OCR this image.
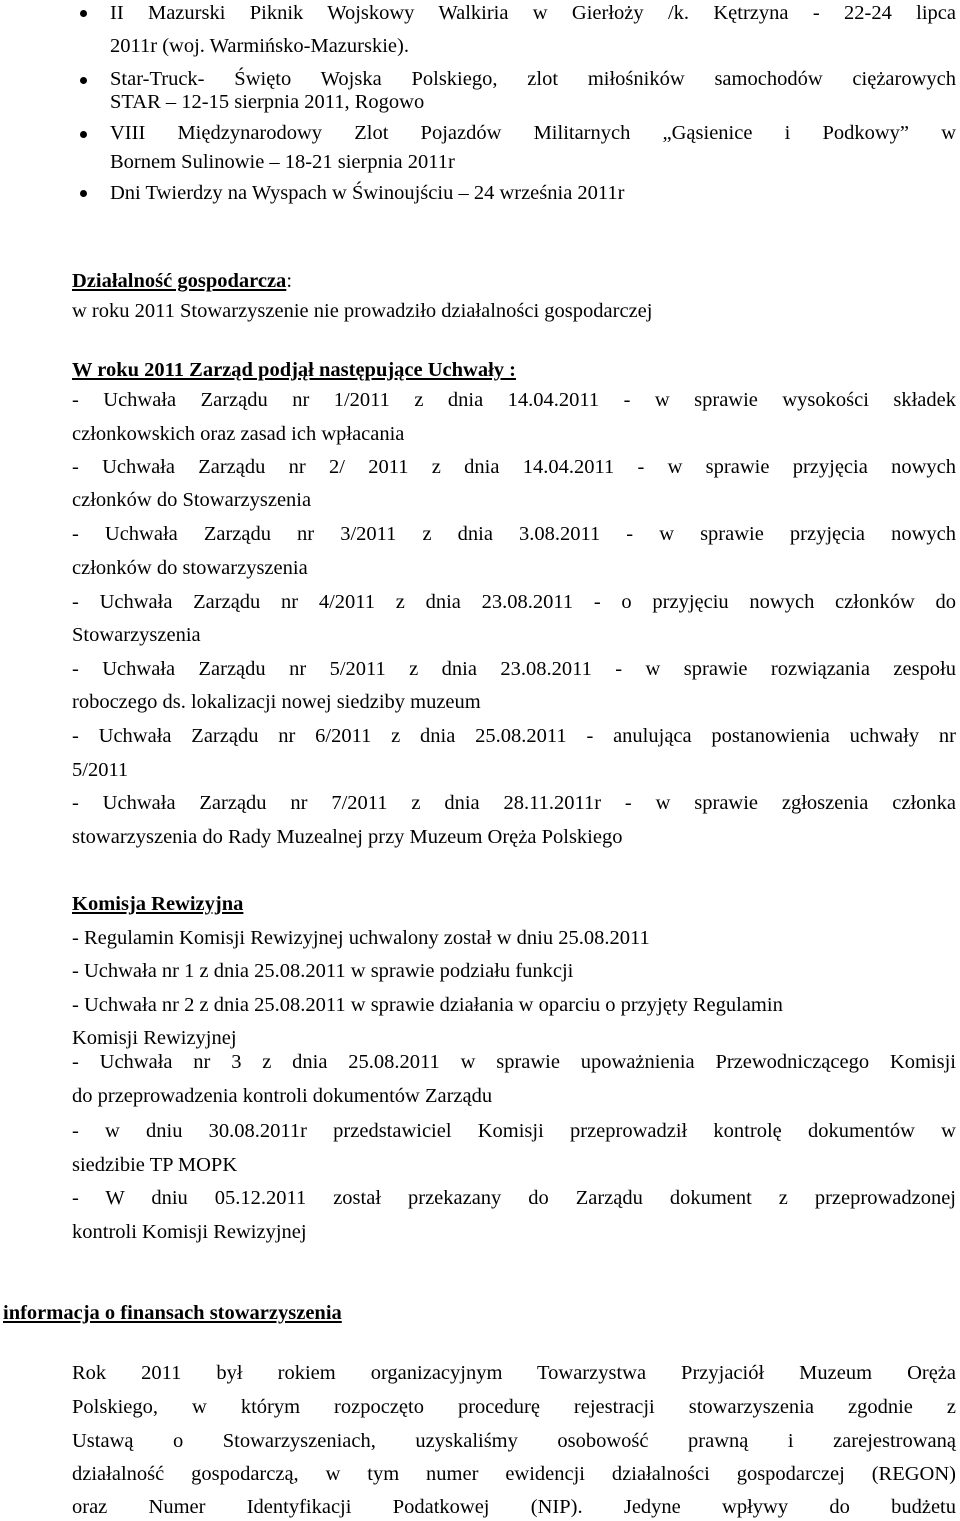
II Mazurski Piknik Wojskowy Walkiria w Gierłoży /k. Kętrzyna - 22-24 lipca
2011r (woj. Warmińsko-Mazurskie).
Star-Truck- Święto Wojska Polskiego, zlot miłośników samochodów ciężarowych
STAR – 12-15 sierpnia 2011, Rogowo
VIII Międzynarodowy Zlot Pojazdów Militarnych „Gąsienice i Podkowy” w
Bornem Sulinowie – 18-21 sierpnia 2011r
Dni Twierdzy na Wyspach w Świnoujściu – 24 września 2011r
Działalność gospodarcza:
w roku 2011 Stowarzyszenie nie prowadziło działalności gospodarczej
W roku 2011 Zarząd podjął następujące Uchwały :
- Uchwała Zarządu nr 1/2011 z dnia 14.04.2011 - w sprawie wysokości składek
członkowskich oraz zasad ich wpłacania
- Uchwała Zarządu nr 2/ 2011 z dnia 14.04.2011 - w sprawie przyjęcia nowych
członków do Stowarzyszenia
- Uchwała Zarządu nr 3/2011 z dnia 3.08.2011 - w sprawie przyjęcia nowych
członków do stowarzyszenia
- Uchwała Zarządu nr 4/2011 z dnia 23.08.2011 - o przyjęciu nowych członków do
Stowarzyszenia
- Uchwała Zarządu nr 5/2011 z dnia 23.08.2011 - w sprawie rozwiązania zespołu
roboczego ds. lokalizacji nowej siedziby muzeum
- Uchwała Zarządu nr 6/2011 z dnia 25.08.2011 - anulująca postanowienia uchwały nr
5/2011
- Uchwała Zarządu nr 7/2011 z dnia 28.11.2011r - w sprawie zgłoszenia członka
stowarzyszenia do Rady Muzealnej przy Muzeum Oręża Polskiego
Komisja Rewizyjna
- Regulamin Komisji Rewizyjnej uchwalony został w dniu 25.08.2011
- Uchwała nr 1 z dnia 25.08.2011 w sprawie podziału funkcji
- Uchwała nr 2 z dnia 25.08.2011 w sprawie działania w oparciu o przyjęty Regulamin
Komisji Rewizyjnej
- Uchwała nr 3 z dnia 25.08.2011 w sprawie upoważnienia Przewodniczącego Komisji
do przeprowadzenia kontroli dokumentów Zarządu
- w dniu 30.08.2011r przedstawiciel Komisji przeprowadził kontrolę dokumentów w
siedzibie TP MOPK
- W dniu 05.12.2011 został przekazany do Zarządu dokument z przeprowadzonej
kontroli Komisji Rewizyjnej
informacja o finansach stowarzyszenia
Rok 2011 był rokiem organizacyjnym Towarzystwa Przyjaciół Muzeum Oręża
Polskiego, w którym rozpoczęto procedurę rejestracji stowarzyszenia zgodnie z
Ustawą o Stowarzyszeniach, uzyskaliśmy osobowość prawną i zarejestrowaną
działalność gospodarczą, w tym numer ewidencji działalności gospodarczej (REGON)
oraz Numer Identyfikacji Podatkowej (NIP). Jedyne wpływy do budżetu
